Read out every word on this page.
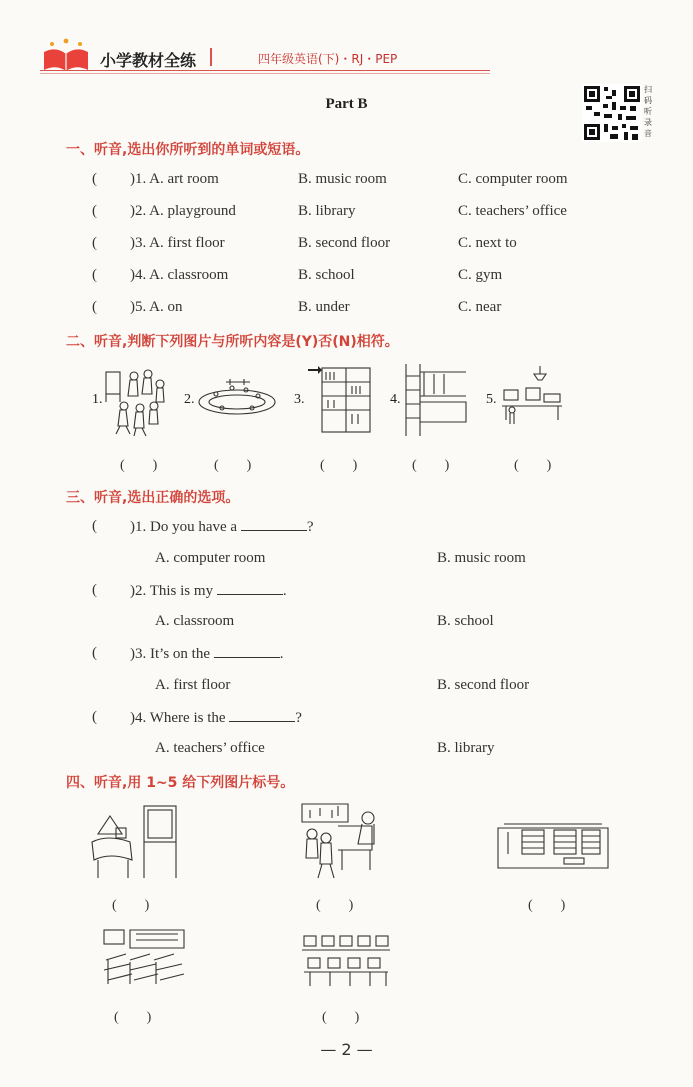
小学教材全练	四年级英语(下)・RJ・PEP
扫码听录音
Part B
一、听音,选出你所听到的单词或短语。
( )1. A. art room	B. music room	C. computer room
( )2. A. playground	B. library	C. teachers’ office
( )3. A. first floor	B. second floor	C. next to
( )4. A. classroom	B. school	C. gym
( )5. A. on	B. under	C. near
二、听音,判断下列图片与所听内容是(Y)否(N)相符。
1.	2.	3.	4.	5.
(　　)	(　　)	(　　)	(　　)	(　　)
三、听音,选出正确的选项。
( )1. Do you have a	?
A. computer room	B. music room
( )2. This is my	.
A. classroom	B. school
( )3. It’s on the	.
A. first floor	B. second floor
( )4. Where is the	?
A. teachers’ office	B. library
四、听音,用 1~5 给下列图片标号。
(　　)	(　　)	(　　)
(　　)	(　　)
— 2 —
